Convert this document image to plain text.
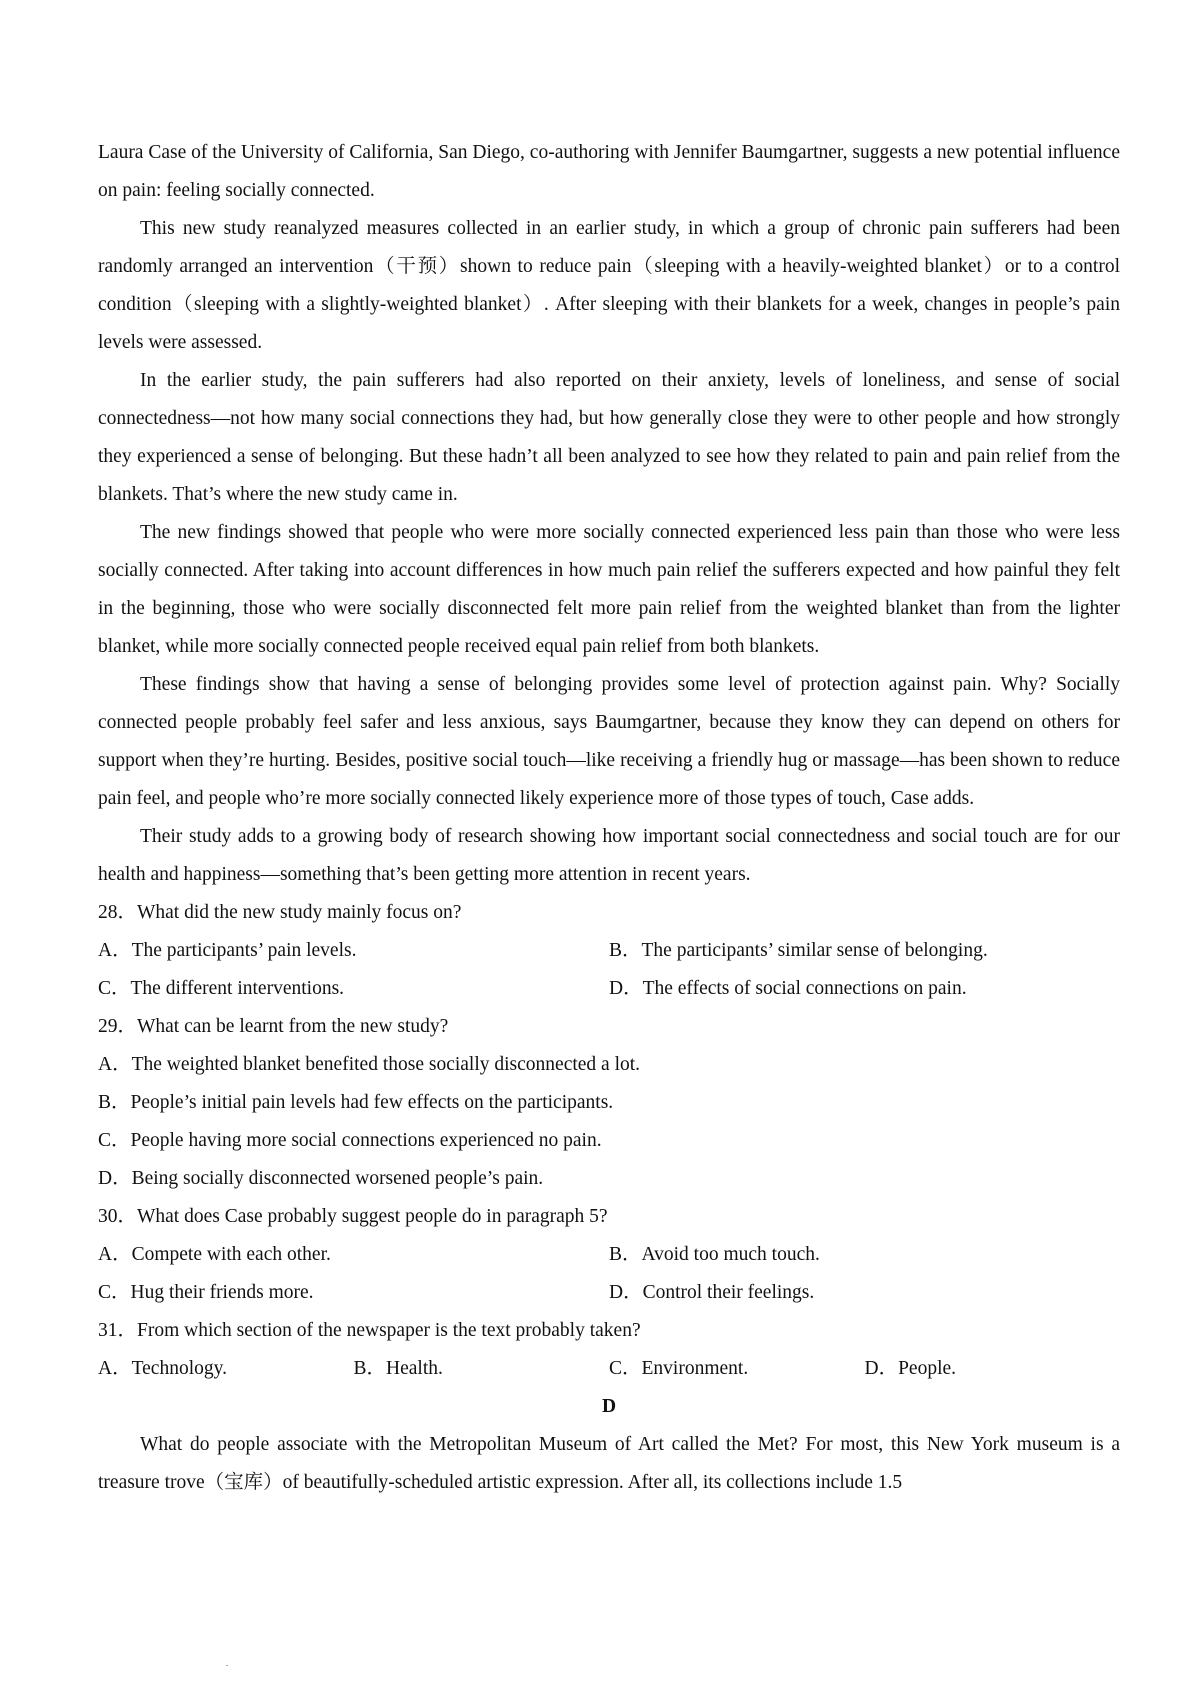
Laura Case of the University of California, San Diego, co-authoring with Jennifer Baumgartner, suggests a new potential influence on pain: feeling socially connected.

This new study reanalyzed measures collected in an earlier study, in which a group of chronic pain sufferers had been randomly arranged an intervention（干预）shown to reduce pain（sleeping with a heavily-weighted blanket）or to a control condition（sleeping with a slightly-weighted blanket）. After sleeping with their blankets for a week, changes in people’s pain levels were assessed.

In the earlier study, the pain sufferers had also reported on their anxiety, levels of loneliness, and sense of social connectedness—not how many social connections they had, but how generally close they were to other people and how strongly they experienced a sense of belonging. But these hadn’t all been analyzed to see how they related to pain and pain relief from the blankets. That’s where the new study came in.

The new findings showed that people who were more socially connected experienced less pain than those who were less socially connected. After taking into account differences in how much pain relief the sufferers expected and how painful they felt in the beginning, those who were socially disconnected felt more pain relief from the weighted blanket than from the lighter blanket, while more socially connected people received equal pain relief from both blankets.

These findings show that having a sense of belonging provides some level of protection against pain. Why? Socially connected people probably feel safer and less anxious, says Baumgartner, because they know they can depend on others for support when they’re hurting. Besides, positive social touch—like receiving a friendly hug or massage—has been shown to reduce pain feel, and people who’re more socially connected likely experience more of those types of touch, Case adds.

Their study adds to a growing body of research showing how important social connectedness and social touch are for our health and happiness—something that’s been getting more attention in recent years.

28．What did the new study mainly focus on?

A．The participants’ pain levels.	B．The participants’ similar sense of belonging.
C．The different interventions.	D．The effects of social connections on pain.

29．What can be learnt from the new study?

A．The weighted blanket benefited those socially disconnected a lot.
B．People’s initial pain levels had few effects on the participants.
C．People having more social connections experienced no pain.
D．Being socially disconnected worsened people’s pain.

30．What does Case probably suggest people do in paragraph 5?

A．Compete with each other.	B．Avoid too much touch.
C．Hug their friends more.	D．Control their feelings.

31．From which section of the newspaper is the text probably taken?

A．Technology.	B．Health.	C．Environment.	D．People.

D

What do people associate with the Metropolitan Museum of Art called the Met? For most, this New York museum is a treasure trove（宝库）of beautifully-scheduled artistic expression. After all, its collections include 1.5
